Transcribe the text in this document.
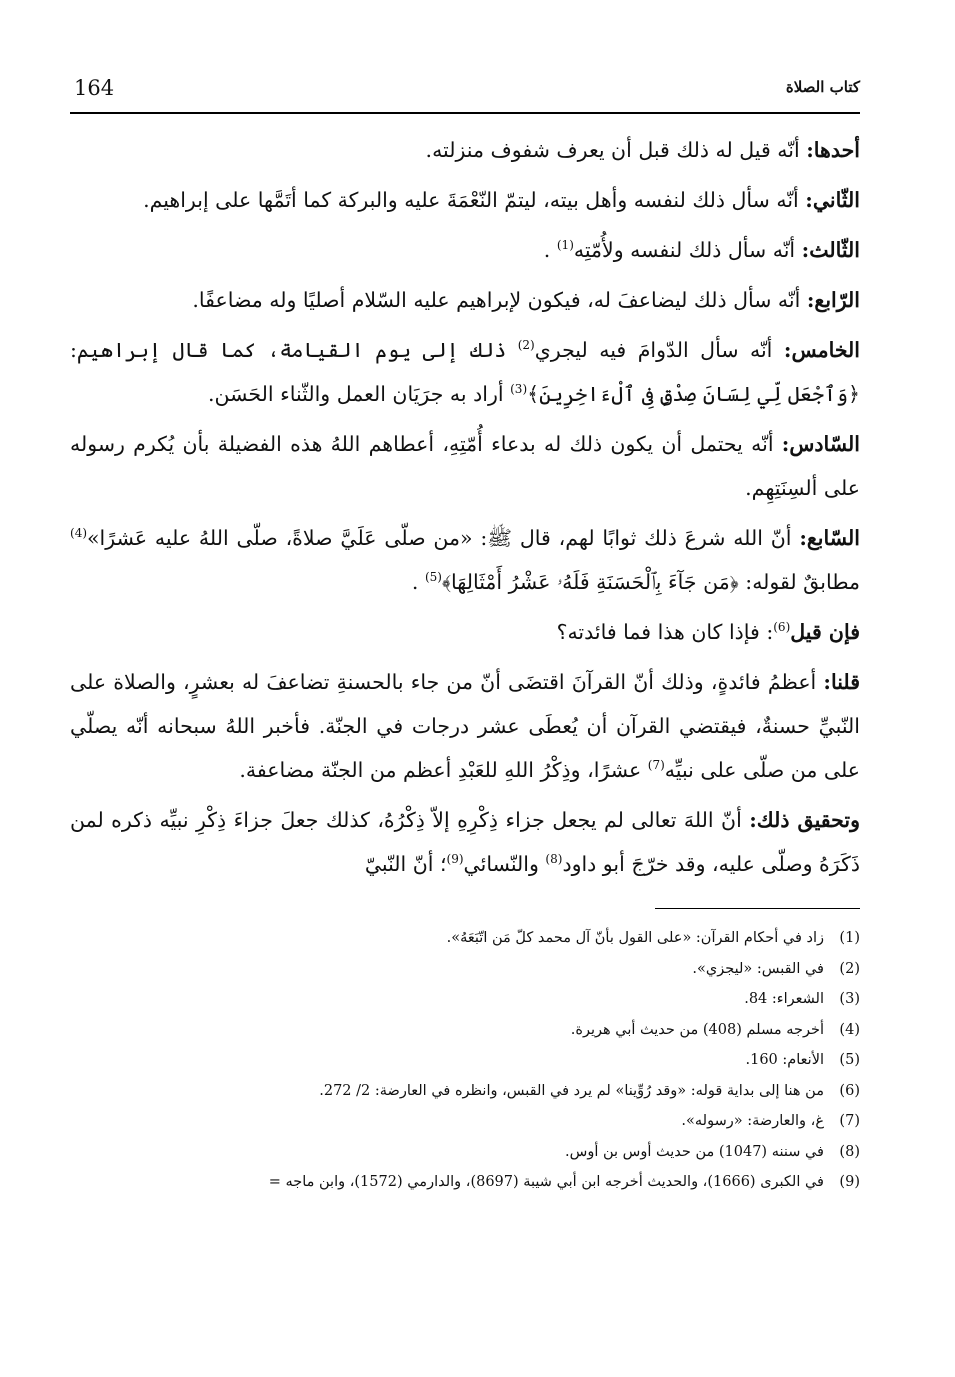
164	كتاب الصلاة

أحدها: أنّه قيل له ذلك قبل أن يعرف شفوف منزلته.

الثّاني: أنّه سأل ذلك لنفسه وأهل بيته، ليتمّ النّعْمَةَ عليه والبركة كما أتَمَّها على إبراهيم.

الثّالث: أنّه سأل ذلك لنفسه ولأُمّتِه$^{(1)}$ .

الرّابع: أنّه سأل ذلك ليضاعفَ له، فيكون لإبراهيم عليه السّلام أصليًا وله مضاعفًا.

الخامس: أنّه سأل الدّوامَ فيه ليجري$^{(2)}$ ذلك إلى يوم القيامة، كما قال إبراهيم: ﴿وَٱجْعَل لِّي لِسَانَ صِدْقٍ فِى ٱلْءَاخِرِينَ﴾$^{(3)}$ أراد به جرَيَان العمل والثّناء الحَسَن.

السّادس: أنّه يحتمل أن يكون ذلك له بدعاء أُمّتِهِ، أعطاهم اللهُ هذه الفضيلة بأن يُكرم رسوله على ألسِنَتِهِم.

السّابع: أنّ الله شرعَ ذلك ثوابًا لهم، قال ﷺ: «من صلّى عَلَيَّ صلاةً، صلّى اللهُ عليه عَشرًا»$^{(4)}$ مطابقٌ لقوله: ﴿مَن جَآءَ بِٱلْحَسَنَةِ فَلَهُۥ عَشْرُ أَمْثَالِهَا﴾$^{(5)}$ .

فإن قيل$^{(6)}$: فإذا كان هذا فما فائدته؟

قلنا: أعظمُ فائدةٍ، وذلك أنّ القرآنَ اقتضَى أنّ من جاء بالحسنةِ تضاعفَ له بعشرٍ، والصلاة على النّبيِّ حسنةٌ، فيقتضي القرآن أن يُعطَى عشر درجات في الجنّة. فأخبر اللهُ سبحانه أنّه يصلّي على من صلّى على نبيِّه$^{(7)}$ عشرًا، وذِكْرُ اللهِ للعَبْدِ أعظم من الجنّة مضاعفة.

وتحقيق ذلك: أنّ اللهَ تعالى لم يجعل جزاء ذِكْرِهِ إلاّ ذِكْرُهُ، كذلك جعلَ جزاءَ ذِكْرِ نبيِّه ذكره لمن ذَكَرَهُ وصلّى عليه، وقد خرّجَ أبو داود$^{(8)}$ والنّسائي$^{(9)}$؛ أنّ النّبيّ

(1)زاد في أحكام القرآن: «على القول بأنّ آل محمد كلّ مَن اتّبَعَهُ».
(2)في القبس: «ليجزي».
(3)الشعراء: 84.
(4)أخرجه مسلم (408) من حديث أبي هريرة.
(5)الأنعام: 160.
(6)من هنا إلى بداية قوله: «وقد رُوِّينا» لم يرد في القبس، وانظره في العارضة: 2/ 272.
(7)غ، والعارضة: «رسوله».
(8)في سننه (1047) من حديث أوس بن أوس.
(9)في الكبرى (1666)، والحديث أخرجه ابن أبي شيبة (8697)، والدارمي (1572)، وابن ماجه =
